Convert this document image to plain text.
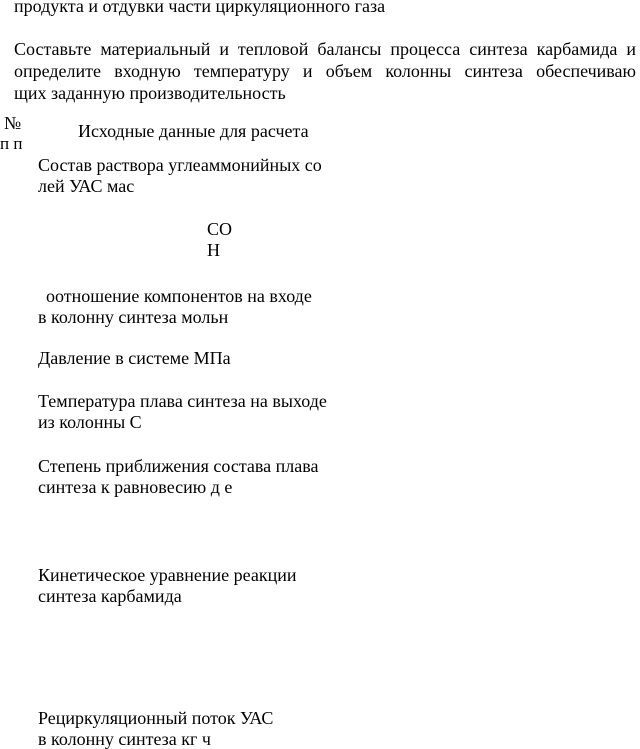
продукта и отдувки части циркуляционного газа
Составьте материальный и тепловой балансы процесса синтеза карбамида и
определите входную температуру и объем колонны синтеза обеспечиваю
щих заданную производительность
№
п п
Исходные данные для расчета
Состав раствора углеаммонийных со
лей УАС мас
СО
Н
оотношение компонентов на входе
в колонну синтеза мольн
Давление в системе МПа
Температура плава синтеза на выходе
из колонны С
Степень приближения состава плава
синтеза к равновесию д е
Кинетическое уравнение реакции
синтеза карбамида
Рециркуляционный поток УАС
в колонну синтеза кг ч
